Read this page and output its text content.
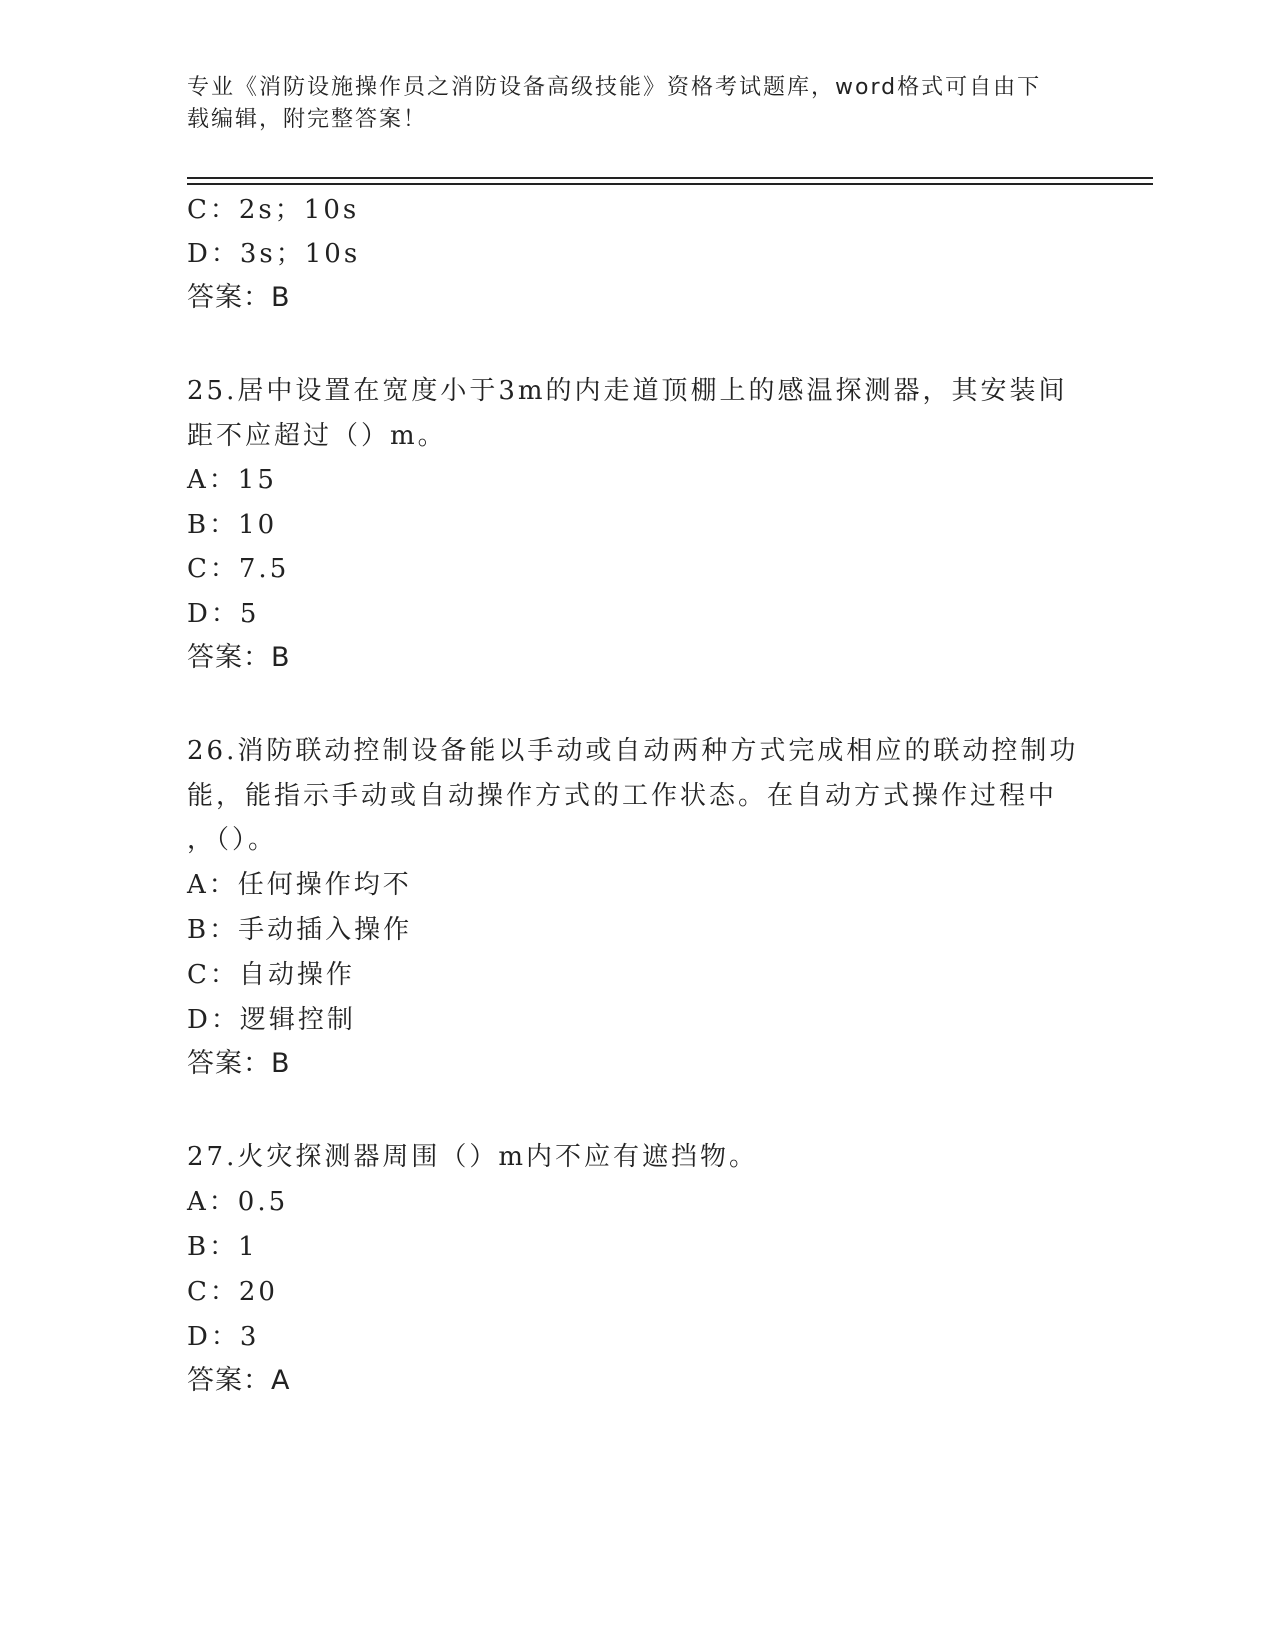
专业《消防设施操作员之消防设备高级技能》资格考试题库，word格式可自由下
载编辑，附完整答案！
C：2s；10s
D：3s；10s
答案：B
25.居中设置在宽度小于3m的内走道顶棚上的感温探测器，其安装间
距不应超过（）m。
A：15
B：10
C：7.5
D：5
答案：B
26.消防联动控制设备能以手动或自动两种方式完成相应的联动控制功
能，能指示手动或自动操作方式的工作状态。在自动方式操作过程中
，（）。
A：任何操作均不
B：手动插入操作
C：自动操作
D：逻辑控制
答案：B
27.火灾探测器周围（）m内不应有遮挡物。
A：0.5
B：1
C：20
D：3
答案：A
